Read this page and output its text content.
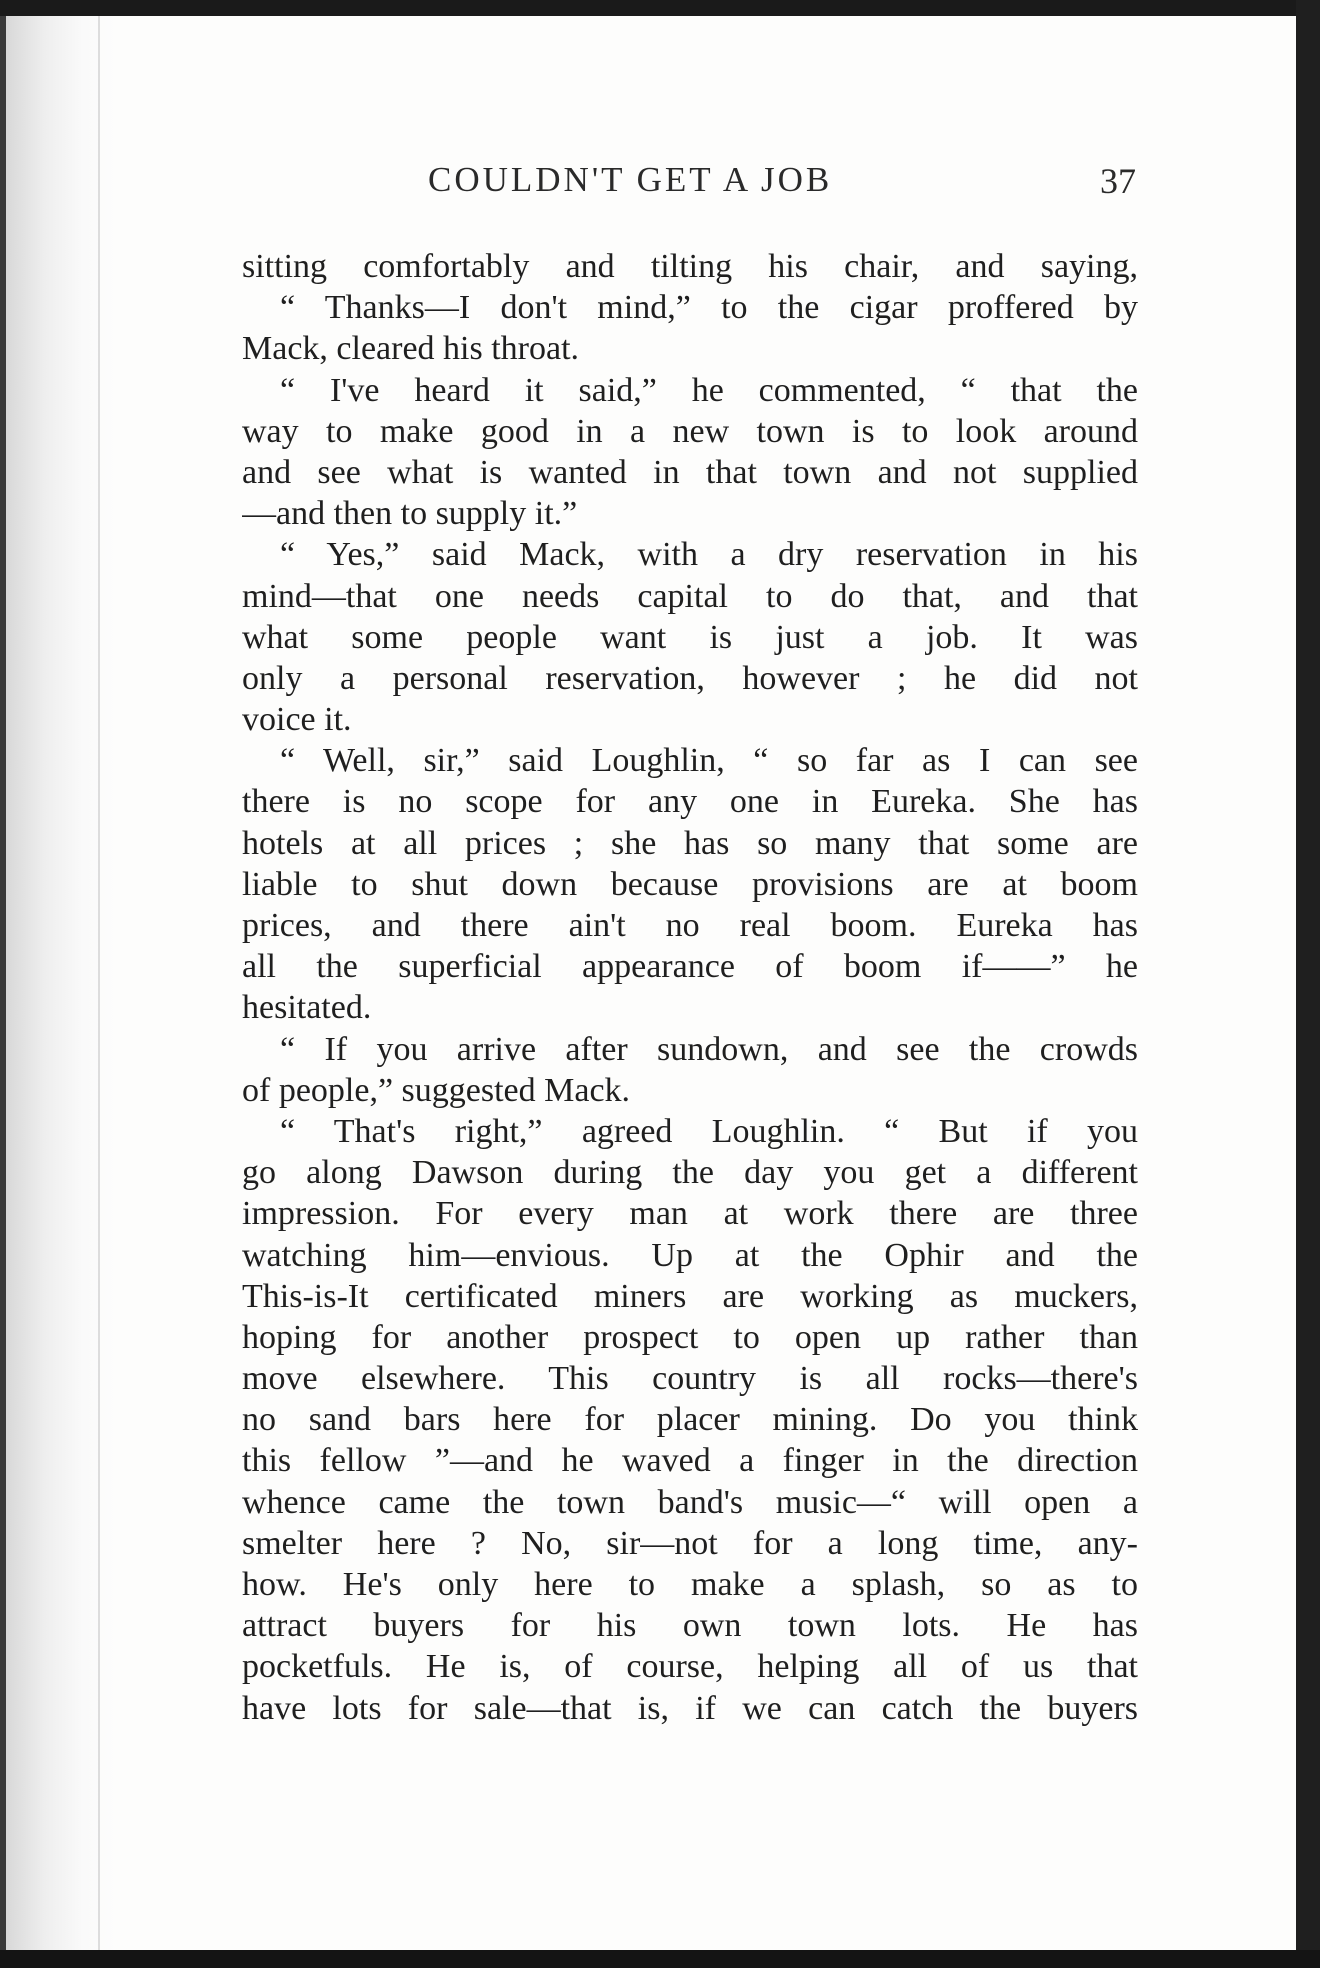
COULDN'T GET A JOB	37
sitting comfortably and tilting his chair, and saying,
“ Thanks—I don't mind,” to the cigar proffered by
Mack, cleared his throat.
“ I've heard it said,” he commented, “ that the
way to make good in a new town is to look around
and see what is wanted in that town and not supplied
—and then to supply it.”
“ Yes,” said Mack, with a dry reservation in his
mind—that one needs capital to do that, and that
what some people want is just a job. It was
only a personal reservation, however ; he did not
voice it.
“ Well, sir,” said Loughlin, “ so far as I can see
there is no scope for any one in Eureka. She has
hotels at all prices ; she has so many that some are
liable to shut down because provisions are at boom
prices, and there ain't no real boom. Eureka has
all the superficial appearance of boom if——” he
hesitated.
“ If you arrive after sundown, and see the crowds
of people,” suggested Mack.
“ That's right,” agreed Loughlin. “ But if you
go along Dawson during the day you get a different
impression. For every man at work there are three
watching him—envious. Up at the Ophir and the
This-is-It certificated miners are working as muckers,
hoping for another prospect to open up rather than
move elsewhere. This country is all rocks—there's
no sand bars here for placer mining. Do you think
this fellow ”—and he waved a finger in the direction
whence came the town band's music—“ will open a
smelter here ? No, sir—not for a long time, any-
how. He's only here to make a splash, so as to
attract buyers for his own town lots. He has
pocketfuls. He is, of course, helping all of us that
have lots for sale—that is, if we can catch the buyers
